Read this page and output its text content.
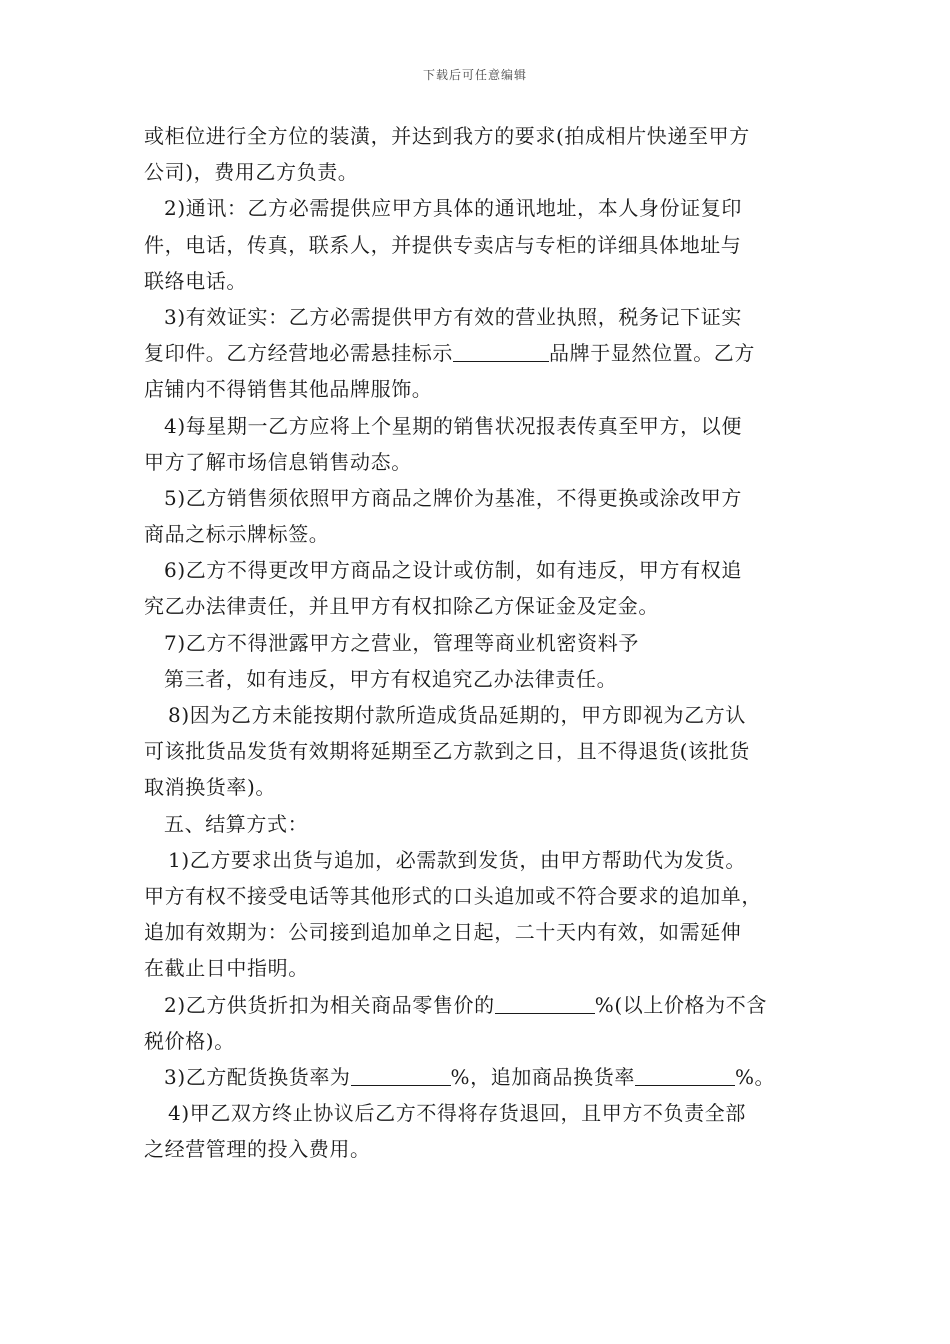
下载后可任意编辑
或柜位进行全方位的装潢，并达到我方的要求(拍成相片快递至甲方
公司)，费用乙方负责。
2)通讯：乙方必需提供应甲方具体的通讯地址，本人身份证复印
件，电话，传真，联系人，并提供专卖店与专柜的详细具体地址与
联络电话。
3)有效证实：乙方必需提供甲方有效的营业执照，税务记下证实
复印件。乙方经营地必需悬挂标示	品牌于显然位置。乙方
店铺内不得销售其他品牌服饰。
4)每星期一乙方应将上个星期的销售状况报表传真至甲方，以便
甲方了解市场信息销售动态。
5)乙方销售须依照甲方商品之牌价为基准，不得更换或涂改甲方
商品之标示牌标签。
6)乙方不得更改甲方商品之设计或仿制，如有违反，甲方有权追
究乙办法律责任，并且甲方有权扣除乙方保证金及定金。
7)乙方不得泄露甲方之营业，管理等商业机密资料予
第三者，如有违反，甲方有权追究乙办法律责任。
8)因为乙方未能按期付款所造成货品延期的，甲方即视为乙方认
可该批货品发货有效期将延期至乙方款到之日，且不得退货(该批货
取消换货率)。
五、结算方式：
1)乙方要求出货与追加，必需款到发货，由甲方帮助代为发货。
甲方有权不接受电话等其他形式的口头追加或不符合要求的追加单，
追加有效期为：公司接到追加单之日起，二十天内有效，如需延伸
在截止日中指明。
2)乙方供货折扣为相关商品零售价的	%(以上价格为不含
税价格)。
3)乙方配货换货率为	%，追加商品换货率	%。
4)甲乙双方终止协议后乙方不得将存货退回，且甲方不负责全部
之经营管理的投入费用。
